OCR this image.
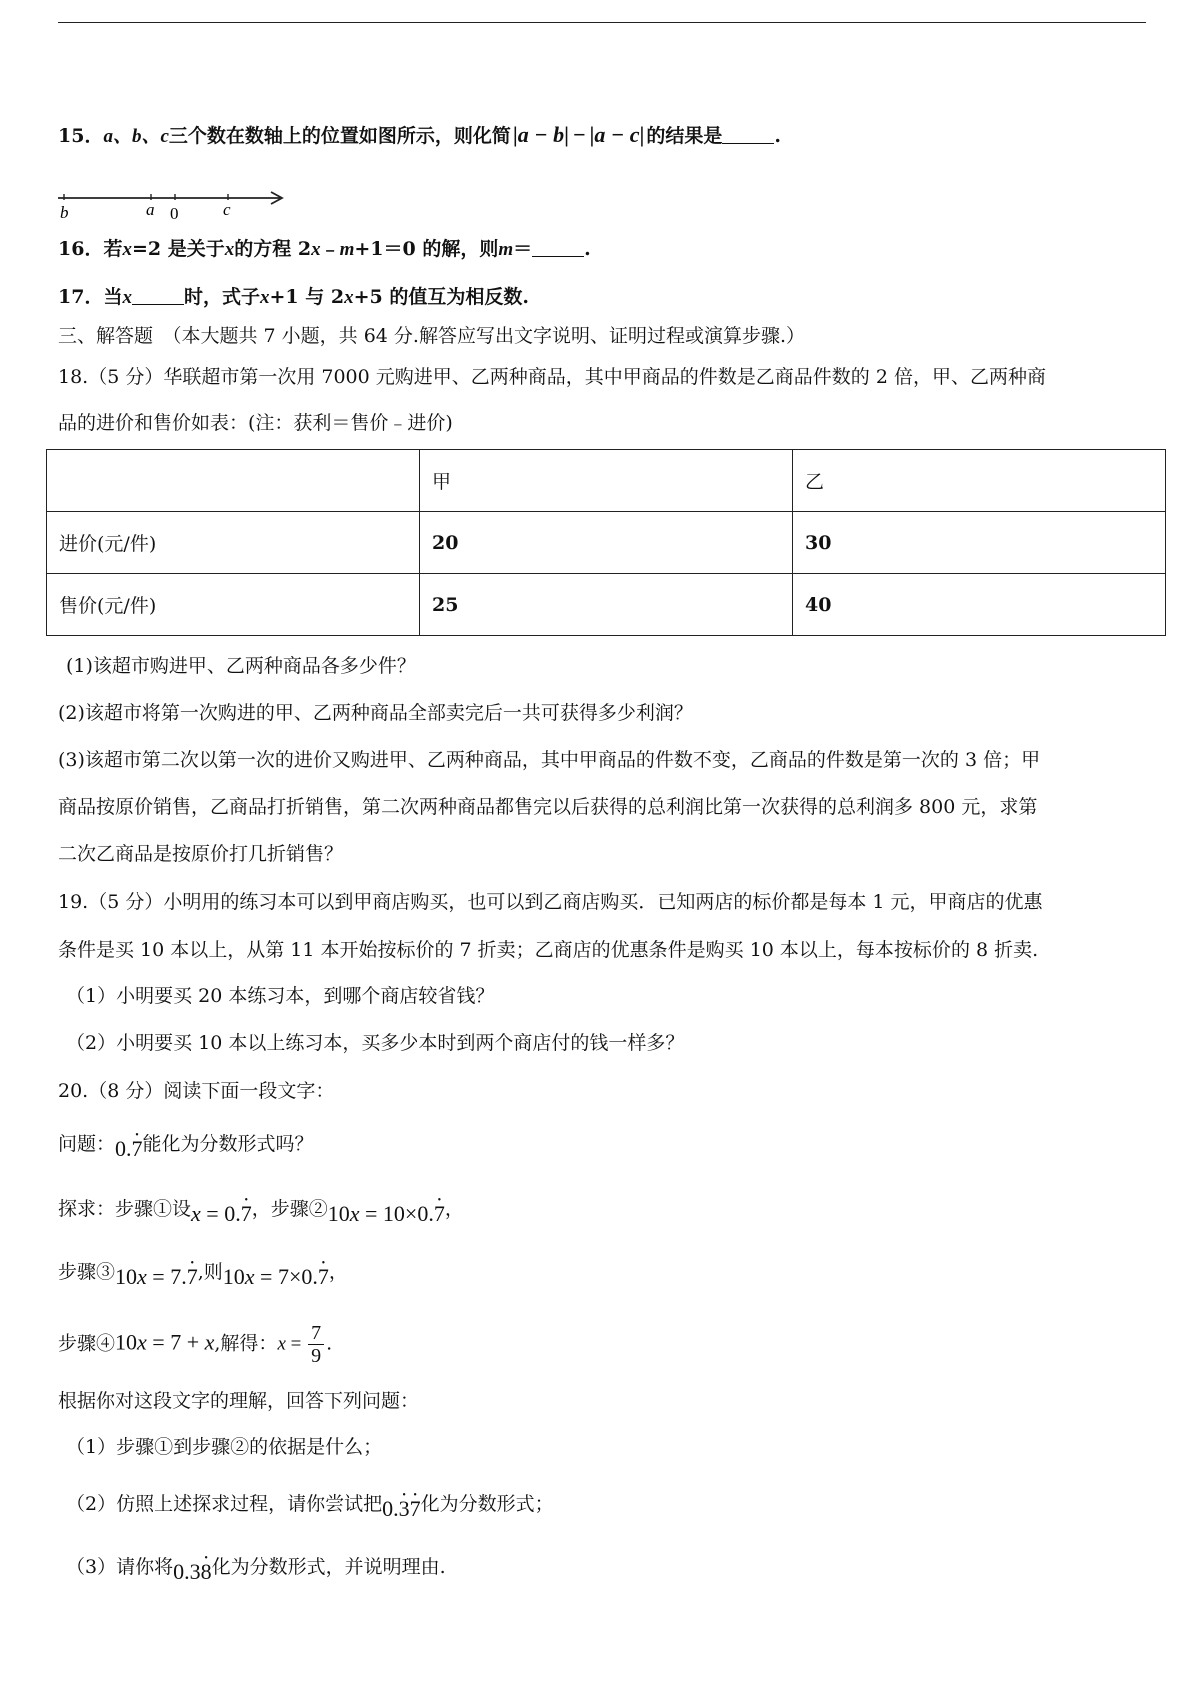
15．a、b、c三个数在数轴上的位置如图所示，则化简|a − b| − |a − c| 的结果是	.
b	a 0	c
16．若x=2 是关于x的方程 2x﹣m+1＝0 的解，则m＝	.
17．当x	时，式子x+1 与 2x+5 的值互为相反数.
三、解答题　（本大题共 7 小题，共 64 分.解答应写出文字说明、证明过程或演算步骤.）
18.（5 分）华联超市第一次用 7000 元购进甲、乙两种商品，其中甲商品的件数是乙商品件数的 2 倍，甲、乙两种商
品的进价和售价如表：(注：获利＝售价﹣进价)
	甲	乙
进价(元/件)	20	30
售价(元/件)	25	40
(1)该超市购进甲、乙两种商品各多少件？
(2)该超市将第一次购进的甲、乙两种商品全部卖完后一共可获得多少利润？
(3)该超市第二次以第一次的进价又购进甲、乙两种商品，其中甲商品的件数不变，乙商品的件数是第一次的 3 倍；甲
商品按原价销售，乙商品打折销售，第二次两种商品都售完以后获得的总利润比第一次获得的总利润多 800 元，求第
二次乙商品是按原价打几折销售？
19.（5 分）小明用的练习本可以到甲商店购买，也可以到乙商店购买．已知两店的标价都是每本 1 元，甲商店的优惠
条件是买 10 本以上，从第 11 本开始按标价的 7 折卖；乙商店的优惠条件是购买 10 本以上，每本按标价的 8 折卖.
（1）小明要买 20 本练习本，到哪个商店较省钱？
（2）小明要买 10 本以上练习本，买多少本时到两个商店付的钱一样多？
20.（8 分）阅读下面一段文字：
问题：0.• 7能化为分数形式吗？
探求：步骤①设x = 0.• 7，步骤②10x = 10×0.• 7，
步骤③10x = 7.• 7,则10x = 7×0.• 7，
步骤④10x = 7 + x,解得：$x = \frac{7}{9}$ .
根据你对这段文字的理解，回答下列问题：
（1）步骤①到步骤②的依据是什么；
（2）仿照上述探求过程，请你尝试把0.• 3• 7化为分数形式；
（3）请你将0.3• 8化为分数形式，并说明理由.
